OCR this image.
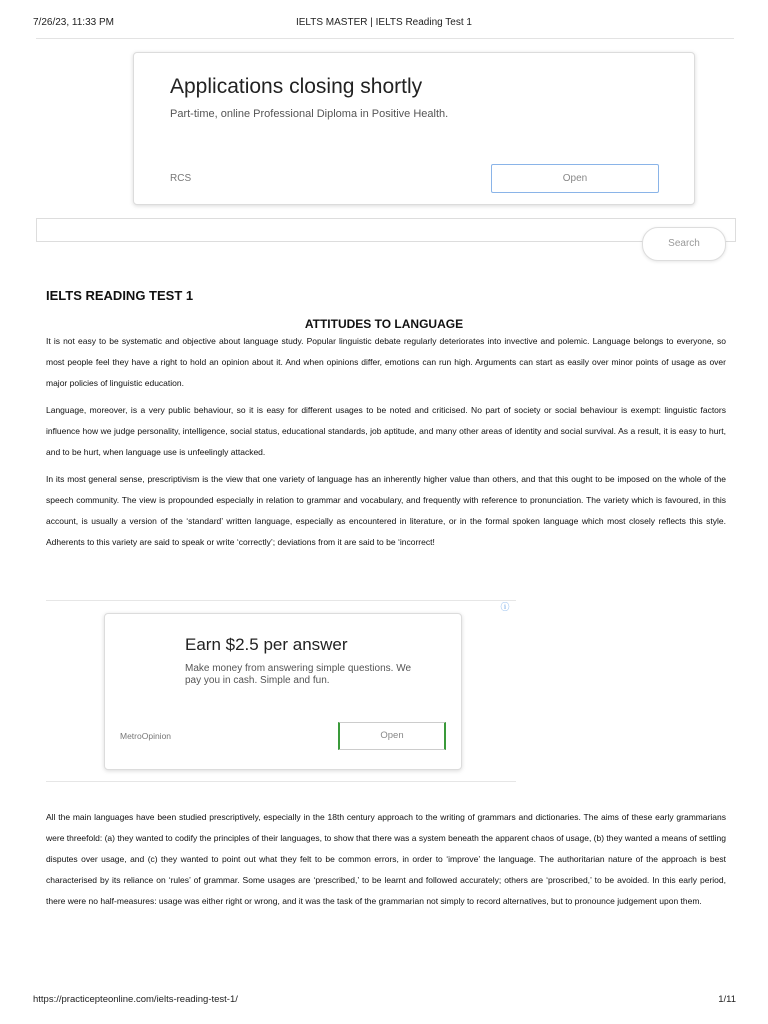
7/26/23, 11:33 PM	IELTS MASTER | IELTS Reading Test 1
Applications closing shortly
Part-time, online Professional Diploma in Positive Health.
RCS	Open
Search
IELTS READING TEST 1
ATTITUDES TO LANGUAGE

It is not easy to be systematic and objective about language study. Popular linguistic debate regularly deteriorates into invective and polemic. Language belongs to everyone, so most people feel they have a right to hold an opinion about it. And when opinions differ, emotions can run high. Arguments can start as easily over minor points of usage as over major policies of linguistic education.

Language, moreover, is a very public behaviour, so it is easy for different usages to be noted and criticised. No part of society or social behaviour is exempt: linguistic factors influence how we judge personality, intelligence, social status, educational standards, job aptitude, and many other areas of identity and social survival. As a result, it is easy to hurt, and to be hurt, when language use is unfeelingly attacked.

In its most general sense, prescriptivism is the view that one variety of language has an inherently higher value than others, and that this ought to be imposed on the whole of the speech community. The view is propounded especially in relation to grammar and vocabulary, and frequently with reference to pronunciation. The variety which is favoured, in this account, is usually a version of the ‘standard’ written language, especially as encountered in literature, or in the formal spoken language which most closely reflects this style. Adherents to this variety are said to speak or write ‘correctly’; deviations from it are said to be ‘incorrect!

ⓘ
Earn $2.5 per answer
Make money from answering simple questions. We pay you in cash. Simple and fun.
MetroOpinion	Open

All the main languages have been studied prescriptively, especially in the 18th century approach to the writing of grammars and dictionaries. The aims of these early grammarians were threefold: (a) they wanted to codify the principles of their languages, to show that there was a system beneath the apparent chaos of usage, (b) they wanted a means of settling disputes over usage, and (c) they wanted to point out what they felt to be common errors, in order to ‘improve’ the language. The authoritarian nature of the approach is best characterised by its reliance on ‘rules’ of grammar. Some usages are ‘prescribed,’ to be learnt and followed accurately; others are ‘proscribed,’ to be avoided. In this early period, there were no half-measures: usage was either right or wrong, and it was the task of the grammarian not simply to record alternatives, but to pronounce judgement upon them.

https://practicepteonline.com/ielts-reading-test-1/	1/11
